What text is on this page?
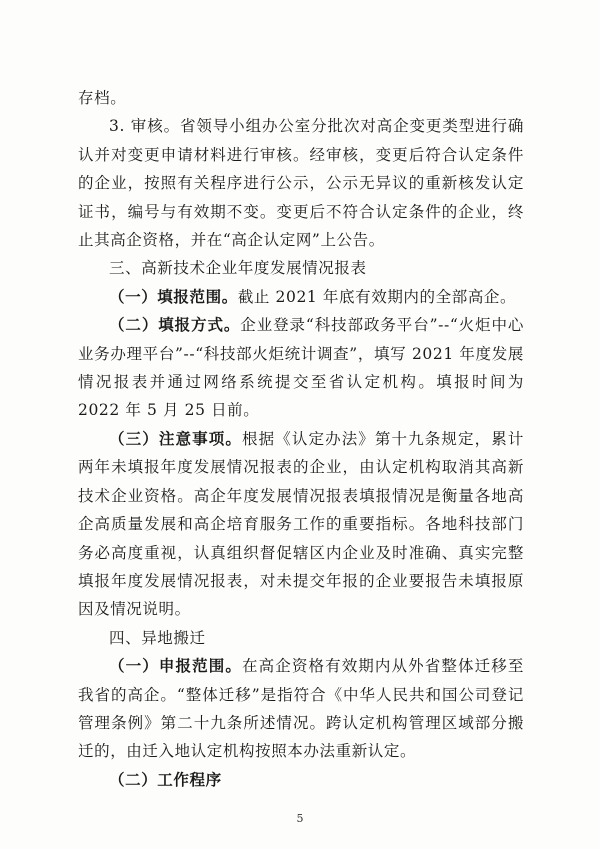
存档。

3. 审核。省领导小组办公室分批次对高企变更类型进行确认并对变更申请材料进行审核。经审核，变更后符合认定条件的企业，按照有关程序进行公示，公示无异议的重新核发认定证书，编号与有效期不变。变更后不符合认定条件的企业，终止其高企资格，并在“高企认定网”上公告。

三、高新技术企业年度发展情况报表

（一）填报范围。截止 2021 年底有效期内的全部高企。

（二）填报方式。企业登录“科技部政务平台”--“火炬中心业务办理平台”--“科技部火炬统计调查”，填写 2021 年度发展情况报表并通过网络系统提交至省认定机构。填报时间为 2022 年 5 月 25 日前。

（三）注意事项。根据《认定办法》第十九条规定，累计两年未填报年度发展情况报表的企业，由认定机构取消其高新技术企业资格。高企年度发展情况报表填报情况是衡量各地高企高质量发展和高企培育服务工作的重要指标。各地科技部门务必高度重视，认真组织督促辖区内企业及时准确、真实完整填报年度发展情况报表，对未提交年报的企业要报告未填报原因及情况说明。

四、异地搬迁

（一）申报范围。在高企资格有效期内从外省整体迁移至我省的高企。“整体迁移”是指符合《中华人民共和国公司登记管理条例》第二十九条所述情况。跨认定机构管理区域部分搬迁的，由迁入地认定机构按照本办法重新认定。

（二）工作程序

5
